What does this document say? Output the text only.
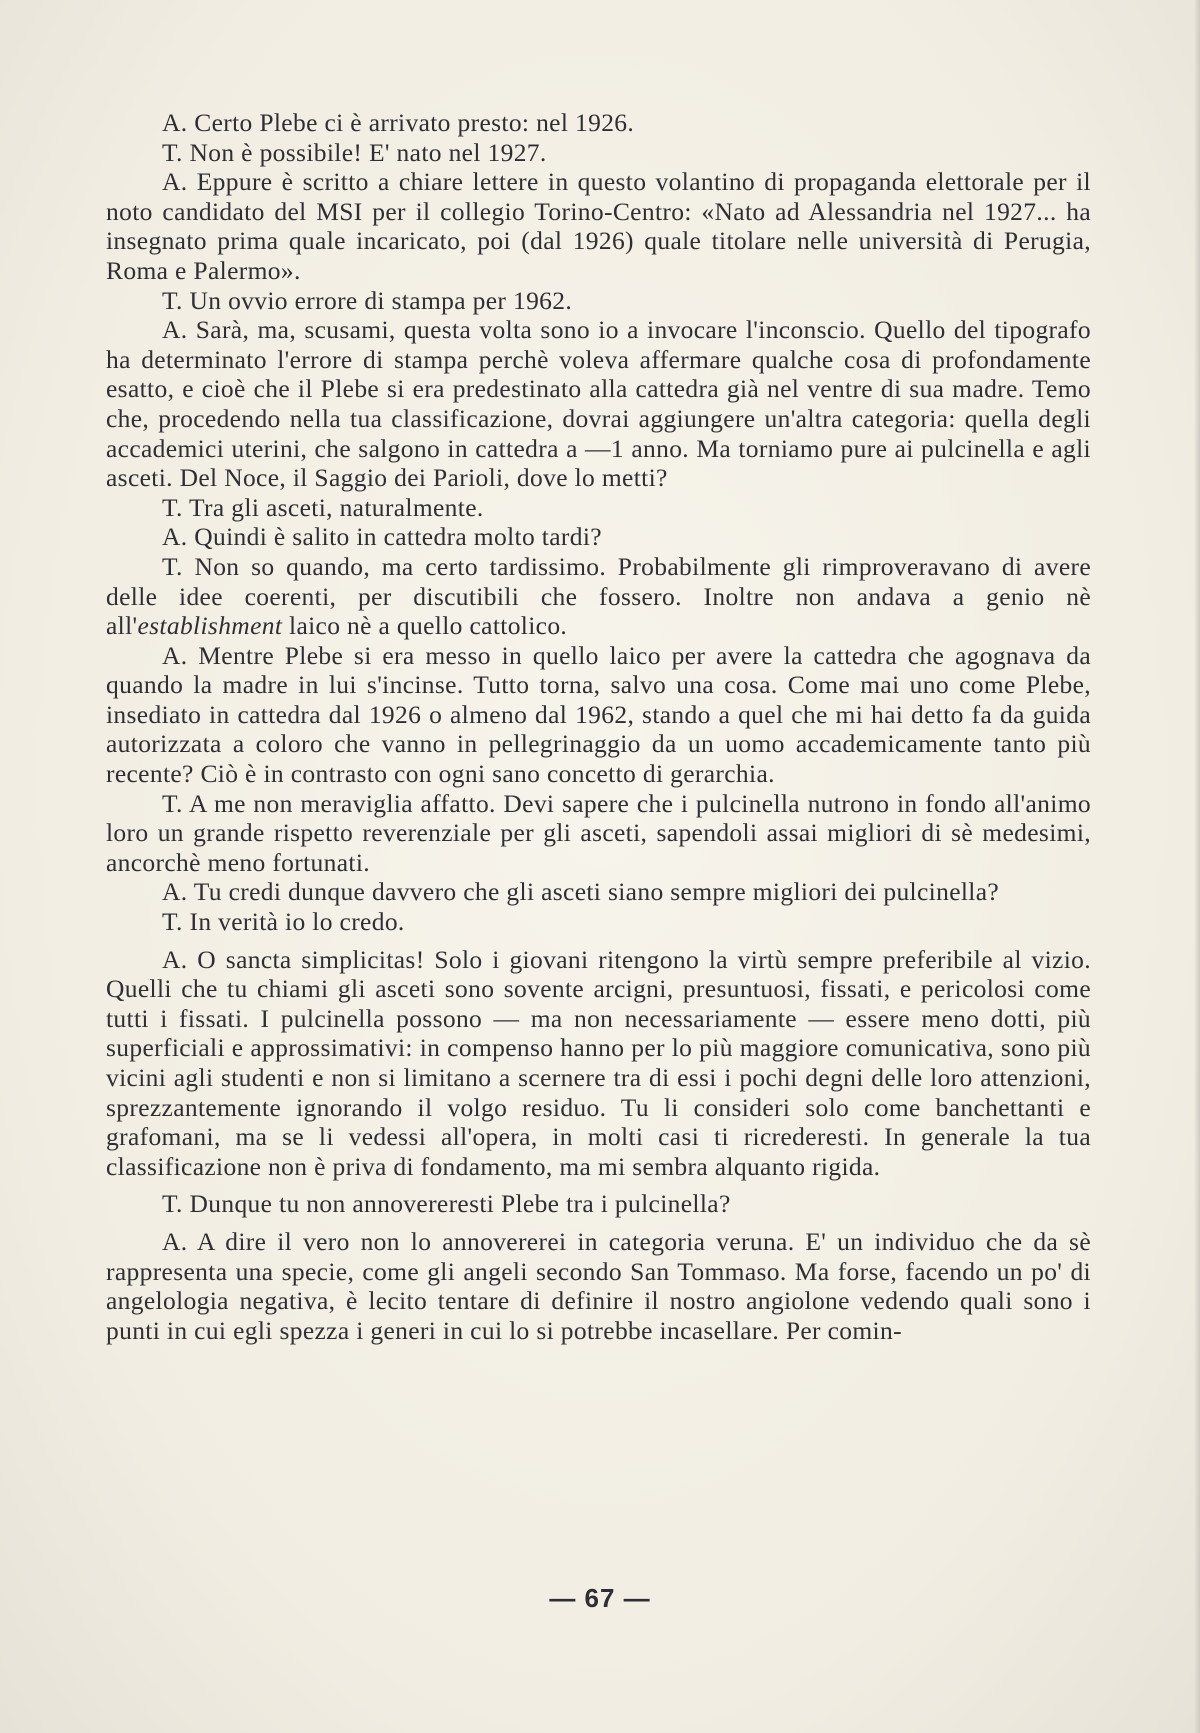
A. Certo Plebe ci è arrivato presto: nel 1926.

T. Non è possibile! E' nato nel 1927.

A. Eppure è scritto a chiare lettere in questo volantino di propaganda elettorale per il noto candidato del MSI per il collegio Torino-Centro: «Nato ad Alessandria nel 1927... ha insegnato prima quale incaricato, poi (dal 1926) quale titolare nelle università di Perugia, Roma e Palermo».

T. Un ovvio errore di stampa per 1962.

A. Sarà, ma, scusami, questa volta sono io a invocare l'inconscio. Quello del tipografo ha determinato l'errore di stampa perchè voleva affermare qualche cosa di profondamente esatto, e cioè che il Plebe si era predestinato alla cattedra già nel ventre di sua madre. Temo che, procedendo nella tua classificazione, dovrai aggiungere un'altra categoria: quella degli accademici uterini, che salgono in cattedra a —1 anno. Ma torniamo pure ai pulcinella e agli asceti. Del Noce, il Saggio dei Parioli, dove lo metti?

T. Tra gli asceti, naturalmente.

A. Quindi è salito in cattedra molto tardi?

T. Non so quando, ma certo tardissimo. Probabilmente gli rimproveravano di avere delle idee coerenti, per discutibili che fossero. Inoltre non andava a genio nè all'establishment laico nè a quello cattolico.

A. Mentre Plebe si era messo in quello laico per avere la cattedra che agognava da quando la madre in lui s'incinse. Tutto torna, salvo una cosa. Come mai uno come Plebe, insediato in cattedra dal 1926 o almeno dal 1962, stando a quel che mi hai detto fa da guida autorizzata a coloro che vanno in pellegrinaggio da un uomo accademicamente tanto più recente? Ciò è in contrasto con ogni sano concetto di gerarchia.

T. A me non meraviglia affatto. Devi sapere che i pulcinella nutrono in fondo all'animo loro un grande rispetto reverenziale per gli asceti, sapendoli assai migliori di sè medesimi, ancorchè meno fortunati.

A. Tu credi dunque davvero che gli asceti siano sempre migliori dei pulcinella?

T. In verità io lo credo.

A. O sancta simplicitas! Solo i giovani ritengono la virtù sempre preferibile al vizio. Quelli che tu chiami gli asceti sono sovente arcigni, presuntuosi, fissati, e pericolosi come tutti i fissati. I pulcinella possono — ma non necessariamente — essere meno dotti, più superficiali e approssimativi: in compenso hanno per lo più maggiore comunicativa, sono più vicini agli studenti e non si limitano a scernere tra di essi i pochi degni delle loro attenzioni, sprezzantemente ignorando il volgo residuo. Tu li consideri solo come banchettanti e grafomani, ma se li vedessi all'opera, in molti casi ti ricrederesti. In generale la tua classificazione non è priva di fondamento, ma mi sembra alquanto rigida.

T. Dunque tu non annovereresti Plebe tra i pulcinella?

A. A dire il vero non lo annovererei in categoria veruna. E' un individuo che da sè rappresenta una specie, come gli angeli secondo San Tommaso. Ma forse, facendo un po' di angelologia negativa, è lecito tentare di definire il nostro angiolone vedendo quali sono i punti in cui egli spezza i generi in cui lo si potrebbe incasellare. Per comin-

— 67 —
